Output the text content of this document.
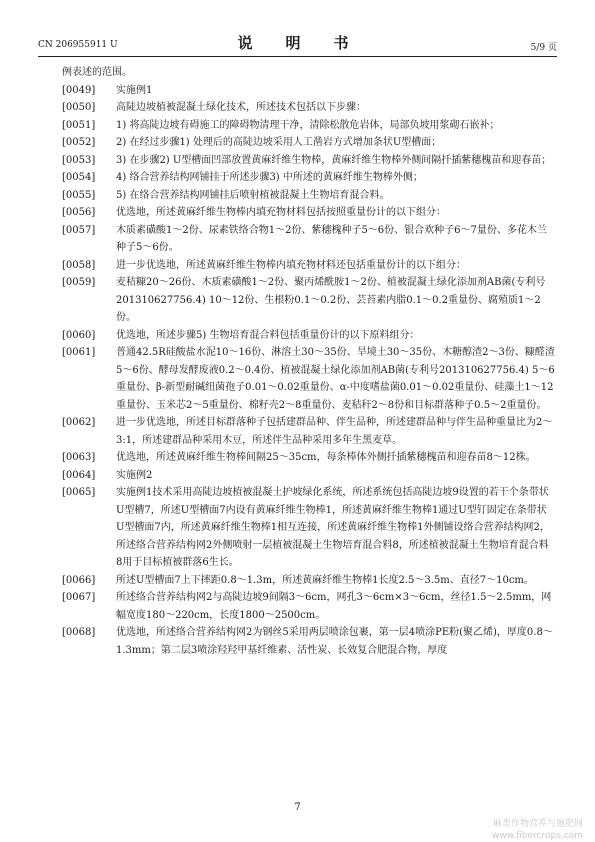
CN 206955911 U	说　明　书	5/9 页
例表述的范围。
[0049] 实施例1
[0050] 高陡边坡植被混凝土绿化技术，所述技术包括以下步骤：
[0051] 1) 将高陡边坡有碍施工的障碍物清理干净，清除松散危岩体，局部负坡用浆砌石嵌补；
[0052] 2) 在经过步骤1) 处理后的高陡边坡采用人工凿岩方式增加条状U型槽面；
[0053] 3) 在步骤2) U型槽面凹部放置黄麻纤维生物棒，黄麻纤维生物棒外侧间隔扦插紫穗槐苗和迎春苗；
[0054] 4) 络合营养结构网铺挂于所述步骤3) 中所述的黄麻纤维生物棒外侧；
[0055] 5) 在络合营养结构网铺挂后喷射植被混凝土生物培育混合料。
[0056] 优选地，所述黄麻纤维生物棒内填充物材料包括按照重量份计的以下组分：
[0057] 木质素磺酸1～2份、尿素铁络合物1～2份、紫穗槐种子5～6份、银合欢种子6～7量份、多花木兰种子5～6份。
[0058] 进一步优选地，所述黄麻纤维生物棒内填充物材料还包括重量份计的以下组分：
[0059] 麦秸糠20～26份、木质素磺酸1～2份、聚丙烯酰胺1～2份、植被混凝土绿化添加剂AB菌(专利号201310627756.4) 10～12份、生根粉0.1～0.2份、芸苔素内脂0.1～0.2重量份、腐殖质1～2份。
[0060] 优选地，所述步骤5) 生物培育混合料包括重量份计的以下原料组分：
[0061] 普通42.5R硅酸盐水泥10～16份、淋溶土30～35份、旱境土30～35份、木糖醇渣2～3份、糠醛渣5～6份、酵母发酵废液0.2～0.4份、植被混凝土绿化添加剂AB菌(专利号201310627756.4) 5～6重量份、β-新型耐碱纽菌孢子0.01～0.02重量份、α-中度嗜盐菌0.01～0.02重量份、硅藻土1～12重量份、玉米芯2～5重量份、棉籽壳2～8重量份、麦秸秆2～8份和目标群落种子0.5～2重量份。
[0062] 进一步优选地，所述目标群落种子包括建群品种、伴生品种，所述建群品种与伴生品种重量比为2～3:1，所述建群品种采用木豆，所述伴生品种采用多年生黑麦草。
[0063] 优选地，所述黄麻纤维生物棒间隔25～35cm，每条棒体外侧扦插紫穗槐苗和迎春苗8～12株。
[0064] 实施例2
[0065] 实施例1技术采用高陡边坡植被混凝土护坡绿化系统，所述系统包括高陡边坡9设置的若干个条带状U型槽7，所述U型槽面7内设有黄麻纤维生物棒1，所述黄麻纤维生物棒1通过U型钉固定在条带状U型槽面7内，所述黄麻纤维生物棒1相互连接，所述黄麻纤维生物棒1外侧铺设络合营养结构网2，所述络合营养结构网2外侧喷射一层植被混凝土生物培育混合料8，所述植被混凝土生物培育混合料8用于目标植被群落6生长。
[0066] 所述U型槽面7上下摔距0.8～1.3m，所述黄麻纤维生物棒1长度2.5～3.5m、直径7～10cm。
[0067] 所述络合营养结构网2与高陡边坡9间隔3～6cm，网孔3～6cm×3～6cm，丝径1.5～2.5mm，网幅宽度180～220cm，长度1800～2500cm。
[0068] 优选地，所述络合营养结构网2为钢丝5采用两层喷涂包裹，第一层4喷涂PE粉(聚乙烯)，厚度0.8～1.3mm；第二层3喷涂羟羟甲基纤维素、活性炭、长效复合肥混合物，厚度
7
麻类作物营养与施肥网
www.fibercrops.com
